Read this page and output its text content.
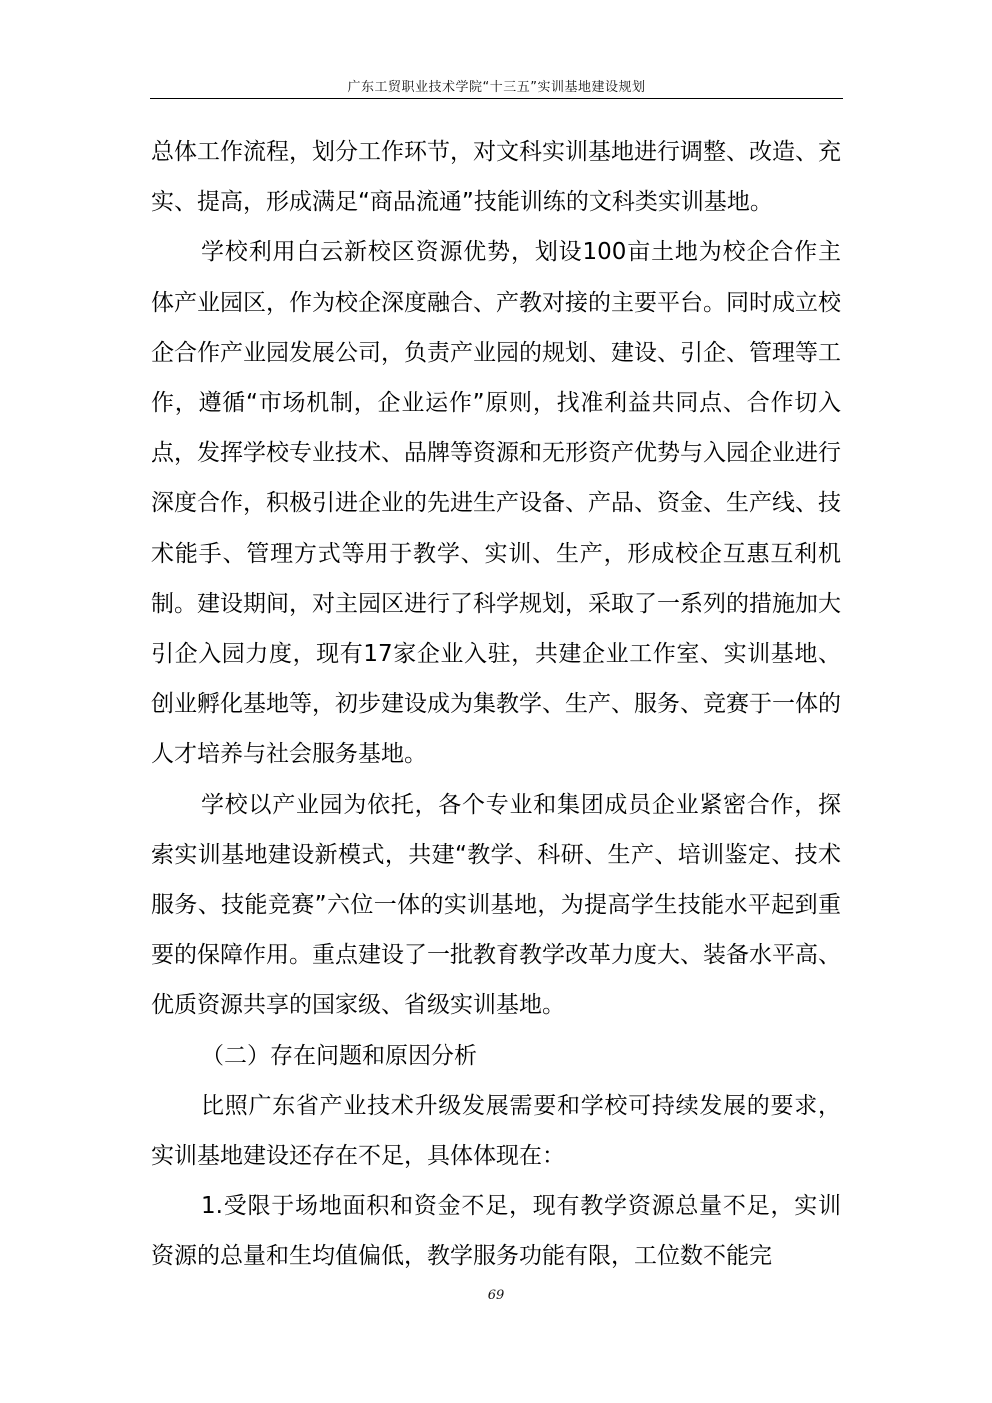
广东工贸职业技术学院“十三五”实训基地建设规划

总体工作流程，划分工作环节，对文科实训基地进行调整、改造、充实、提高，形成满足“商品流通”技能训练的文科类实训基地。

学校利用白云新校区资源优势，划设100亩土地为校企合作主体产业园区，作为校企深度融合、产教对接的主要平台。同时成立校企合作产业园发展公司，负责产业园的规划、建设、引企、管理等工作，遵循“市场机制，企业运作”原则，找准利益共同点、合作切入点，发挥学校专业技术、品牌等资源和无形资产优势与入园企业进行深度合作，积极引进企业的先进生产设备、产品、资金、生产线、技术能手、管理方式等用于教学、实训、生产，形成校企互惠互利机制。建设期间，对主园区进行了科学规划，采取了一系列的措施加大引企入园力度，现有17家企业入驻，共建企业工作室、实训基地、创业孵化基地等，初步建设成为集教学、生产、服务、竞赛于一体的人才培养与社会服务基地。

学校以产业园为依托，各个专业和集团成员企业紧密合作，探索实训基地建设新模式，共建“教学、科研、生产、培训鉴定、技术服务、技能竞赛”六位一体的实训基地，为提高学生技能水平起到重要的保障作用。重点建设了一批教育教学改革力度大、装备水平高、优质资源共享的国家级、省级实训基地。

（二）存在问题和原因分析

比照广东省产业技术升级发展需要和学校可持续发展的要求，实训基地建设还存在不足，具体体现在：

1.受限于场地面积和资金不足，现有教学资源总量不足，实训资源的总量和生均值偏低，教学服务功能有限，工位数不能完

69
